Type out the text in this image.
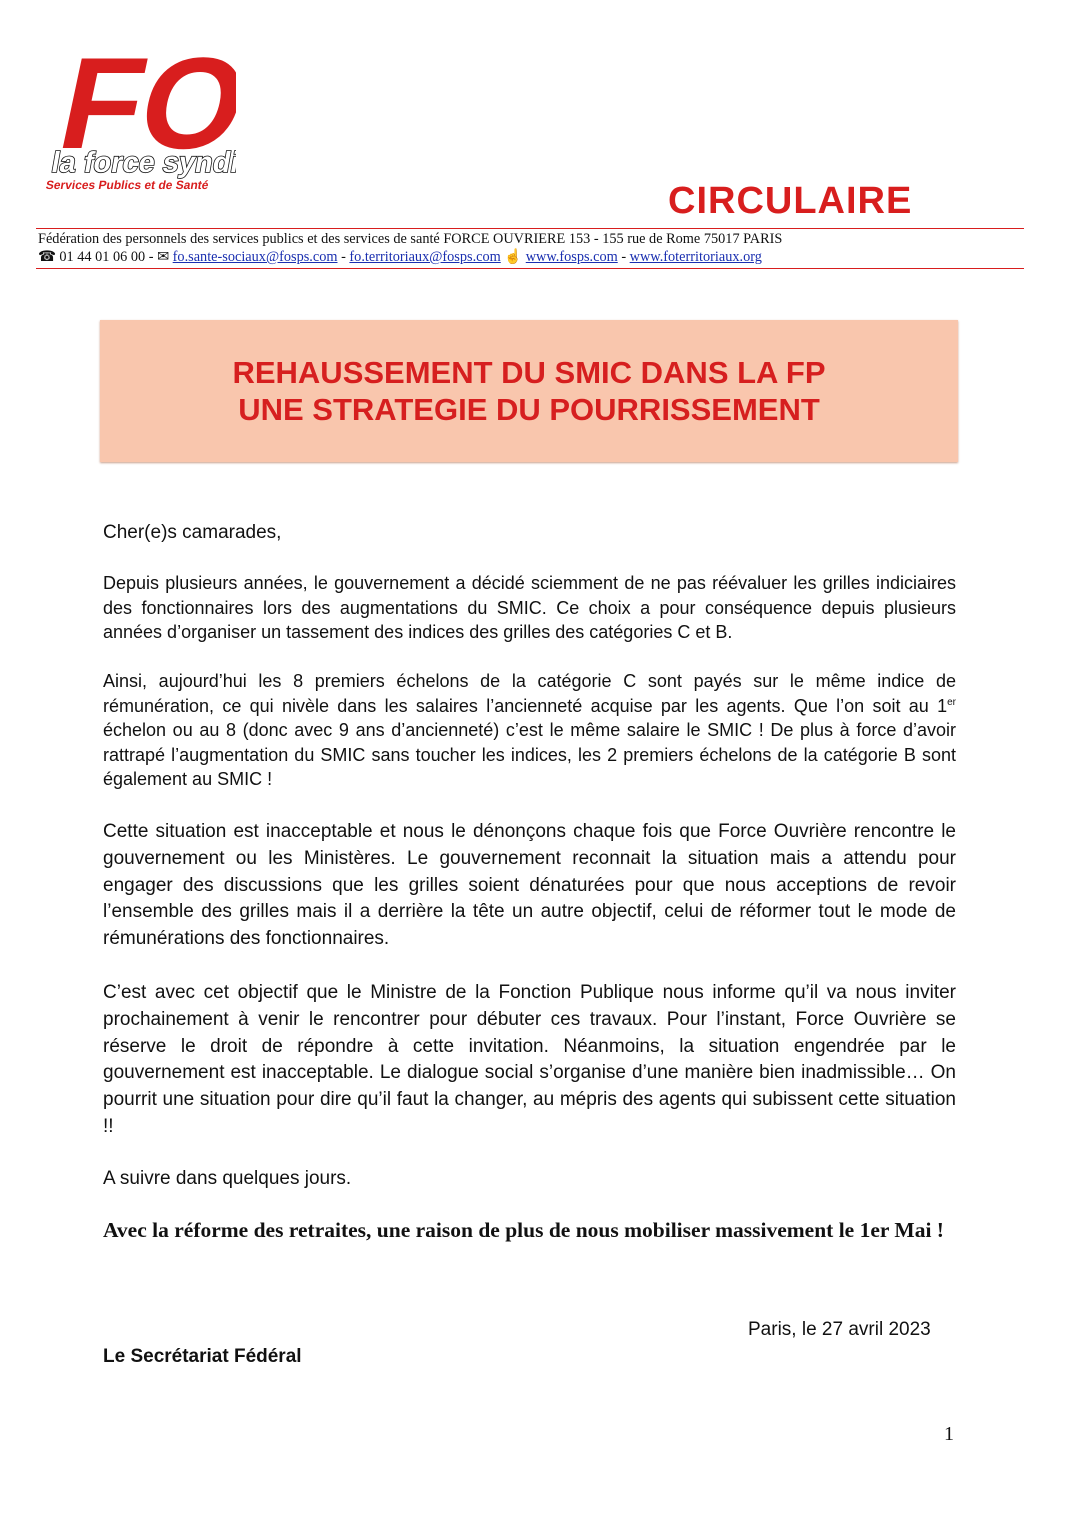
FO
la force syndicale
Services Publics et de Santé	CIRCULAIRE
Fédération des personnels des services publics et des services de santé FORCE OUVRIERE 153 - 155 rue de Rome 75017 PARIS
☎ 01 44 01 06 00 - ✉ fo.sante-sociaux@fosps.com - fo.territoriaux@fosps.com ☝ www.fosps.com - www.foterritoriaux.org
REHAUSSEMENT DU SMIC DANS LA FP
UNE STRATEGIE DU POURRISSEMENT
Cher(e)s camarades,
Depuis plusieurs années, le gouvernement a décidé sciemment de ne pas réévaluer les grilles indiciaires des fonctionnaires lors des augmentations du SMIC. Ce choix a pour conséquence depuis plusieurs années d’organiser un tassement des indices des grilles des catégories C et B.
Ainsi, aujourd’hui les 8 premiers échelons de la catégorie C sont payés sur le même indice de rémunération, ce qui nivèle dans les salaires l’ancienneté acquise par les agents. Que l’on soit au 1er échelon ou au 8 (donc avec 9 ans d’ancienneté) c’est le même salaire le SMIC ! De plus à force d’avoir rattrapé l’augmentation du SMIC sans toucher les indices, les 2 premiers échelons de la catégorie B sont également au SMIC !
Cette situation est inacceptable et nous le dénonçons chaque fois que Force Ouvrière rencontre le gouvernement ou les Ministères. Le gouvernement reconnait la situation mais a attendu pour engager des discussions que les grilles soient dénaturées pour que nous acceptions de revoir l’ensemble des grilles mais il a derrière la tête un autre objectif, celui de réformer tout le mode de rémunérations des fonctionnaires.
C’est avec cet objectif que le Ministre de la Fonction Publique nous informe qu’il va nous inviter prochainement à venir le rencontrer pour débuter ces travaux. Pour l’instant, Force Ouvrière se réserve le droit de répondre à cette invitation. Néanmoins, la situation engendrée par le gouvernement est inacceptable. Le dialogue social s’organise d’une manière bien inadmissible… On pourrit une situation pour dire qu’il faut la changer, au mépris des agents qui subissent cette situation !!
A suivre dans quelques jours.
Avec la réforme des retraites, une raison de plus de nous mobiliser massivement le 1er Mai !
Paris, le 27 avril 2023
Le Secrétariat Fédéral
1
